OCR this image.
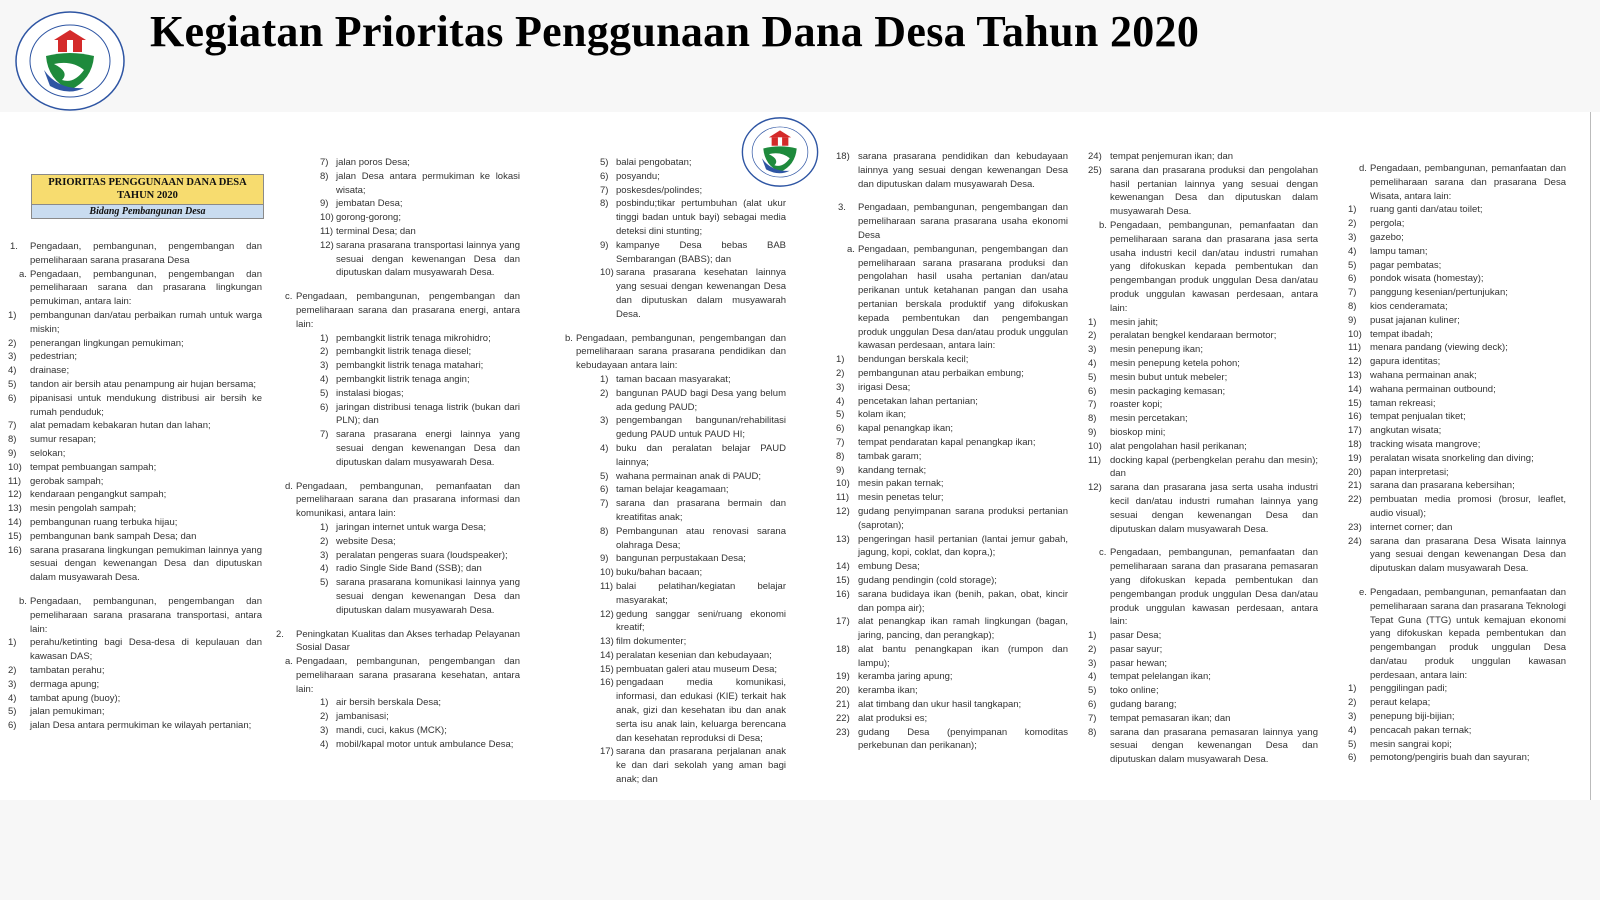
Kegiatan Prioritas Penggunaan Dana Desa Tahun 2020
PRIORITAS PENGGUNAAN DANA DESA TAHUN 2020
Bidang Pembangunan Desa

1. Pengadaan, pembangunan, pengembangan dan pemeliharaan sarana prasarana Desa

a. Pengadaan, pembangunan, pengembangan dan pemeliharaan sarana dan prasarana lingkungan pemukiman, antara lain:

1) pembangunan dan/atau perbaikan rumah untuk warga miskin;

2) penerangan lingkungan pemukiman;

3) pedestrian;

4) drainase;

5) tandon air bersih atau penampung air hujan bersama;

6) pipanisasi untuk mendukung distribusi air bersih ke rumah penduduk;

7) alat pemadam kebakaran hutan dan lahan;

8) sumur resapan;

9) selokan;

10) tempat pembuangan sampah;

11) gerobak sampah;

12) kendaraan pengangkut sampah;

13) mesin pengolah sampah;

14) pembangunan ruang terbuka hijau;

15) pembangunan bank sampah Desa; dan

16) sarana prasarana lingkungan pemukiman lainnya yang sesuai dengan kewenangan Desa dan diputuskan dalam musyawarah Desa.

b. Pengadaan, pembangunan, pengembangan dan pemeliharaan sarana prasarana transportasi, antara lain:

1) perahu/ketinting bagi Desa-desa di kepulauan dan kawasan DAS;

2) tambatan perahu;

3) dermaga apung;

4) tambat apung (buoy);

5) jalan pemukiman;

6) jalan Desa antara permukiman ke wilayah pertanian;

7) jalan poros Desa;

8) jalan Desa antara permukiman ke lokasi wisata;

9) jembatan Desa;

10) gorong-gorong;

11) terminal Desa; dan

12) sarana prasarana transportasi lainnya yang sesuai dengan kewenangan Desa dan diputuskan dalam musyawarah Desa.

c. Pengadaan, pembangunan, pengembangan dan pemeliharaan sarana dan prasarana energi, antara lain:

1) pembangkit listrik tenaga mikrohidro;

2) pembangkit listrik tenaga diesel;

3) pembangkit listrik tenaga matahari;

4) pembangkit listrik tenaga angin;

5) instalasi biogas;

6) jaringan distribusi tenaga listrik (bukan dari PLN); dan

7) sarana prasarana energi lainnya yang sesuai dengan kewenangan Desa dan diputuskan dalam musyawarah Desa.

d. Pengadaan, pembangunan, pemanfaatan dan pemeliharaan sarana dan prasarana informasi dan komunikasi, antara lain:

1) jaringan internet untuk warga Desa;

2) website Desa;

3) peralatan pengeras suara (loudspeaker);

4) radio Single Side Band (SSB); dan

5) sarana prasarana komunikasi lainnya yang sesuai dengan kewenangan Desa dan diputuskan dalam musyawarah Desa.

2. Peningkatan Kualitas dan Akses terhadap Pelayanan Sosial Dasar

a. Pengadaan, pembangunan, pengembangan dan pemeliharaan sarana prasarana kesehatan, antara lain:

1) air bersih berskala Desa;

2) jambanisasi;

3) mandi, cuci, kakus (MCK);

4) mobil/kapal motor untuk ambulance Desa;

5) balai pengobatan;

6) posyandu;

7) poskesdes/polindes;

8) posbindu;tikar pertumbuhan (alat ukur tinggi badan untuk bayi) sebagai media deteksi dini stunting;

9) kampanye Desa bebas BAB Sembarangan (BABS); dan

10) sarana prasarana kesehatan lainnya yang sesuai dengan kewenangan Desa dan diputuskan dalam musyawarah Desa.

b. Pengadaan, pembangunan, pengembangan dan pemeliharaan sarana prasarana pendidikan dan kebudayaan antara lain:

1) taman bacaan masyarakat;

2) bangunan PAUD bagi Desa yang belum ada gedung PAUD;

3) pengembangan bangunan/rehabilitasi gedung PAUD untuk PAUD HI;

4) buku dan peralatan belajar PAUD lainnya;

5) wahana permainan anak di PAUD;

6) taman belajar keagamaan;

7) sarana dan prasarana bermain dan kreatifitas anak;

8) Pembangunan atau renovasi sarana olahraga Desa;

9) bangunan perpustakaan Desa;

10) buku/bahan bacaan;

11) balai pelatihan/kegiatan belajar masyarakat;

12) gedung sanggar seni/ruang ekonomi kreatif;

13) film dokumenter;

14) peralatan kesenian dan kebudayaan;

15) pembuatan galeri atau museum Desa;

16) pengadaan media komunikasi, informasi, dan edukasi (KIE) terkait hak anak, gizi dan kesehatan ibu dan anak serta isu anak lain, keluarga berencana dan kesehatan reproduksi di Desa;

17) sarana dan prasarana perjalanan anak ke dan dari sekolah yang aman bagi anak; dan

18) sarana prasarana pendidikan dan kebudayaan lainnya yang sesuai dengan kewenangan Desa dan diputuskan dalam musyawarah Desa.

3. Pengadaan, pembangunan, pengembangan dan pemeliharaan sarana prasarana usaha ekonomi Desa

a. Pengadaan, pembangunan, pengembangan dan pemeliharaan sarana prasarana produksi dan pengolahan hasil usaha pertanian dan/atau perikanan untuk ketahanan pangan dan usaha pertanian berskala produktif yang difokuskan kepada pembentukan dan pengembangan produk unggulan Desa dan/atau produk unggulan kawasan perdesaan, antara lain:

1) bendungan berskala kecil;

2) pembangunan atau perbaikan embung;

3) irigasi Desa;

4) pencetakan lahan pertanian;

5) kolam ikan;

6) kapal penangkap ikan;

7) tempat pendaratan kapal penangkap ikan;

8) tambak garam;

9) kandang ternak;

10) mesin pakan ternak;

11) mesin penetas telur;

12) gudang penyimpanan sarana produksi pertanian (saprotan);

13) pengeringan hasil pertanian (lantai jemur gabah, jagung, kopi, coklat, dan kopra,);

14) embung Desa;

15) gudang pendingin (cold storage);

16) sarana budidaya ikan (benih, pakan, obat, kincir dan pompa air);

17) alat penangkap ikan ramah lingkungan (bagan, jaring, pancing, dan perangkap);

18) alat bantu penangkapan ikan (rumpon dan lampu);

19) keramba jaring apung;

20) keramba ikan;

21) alat timbang dan ukur hasil tangkapan;

22) alat produksi es;

23) gudang Desa (penyimpanan komoditas perkebunan dan perikanan);

24) tempat penjemuran ikan; dan

25) sarana dan prasarana produksi dan pengolahan hasil pertanian lainnya yang sesuai dengan kewenangan Desa dan diputuskan dalam musyawarah Desa.

b. Pengadaan, pembangunan, pemanfaatan dan pemeliharaan sarana dan prasarana jasa serta usaha industri kecil dan/atau industri rumahan yang difokuskan kepada pembentukan dan pengembangan produk unggulan Desa dan/atau produk unggulan kawasan perdesaan, antara lain:

1) mesin jahit;

2) peralatan bengkel kendaraan bermotor;

3) mesin penepung ikan;

4) mesin penepung ketela pohon;

5) mesin bubut untuk mebeler;

6) mesin packaging kemasan;

7) roaster kopi;

8) mesin percetakan;

9) bioskop mini;

10) alat pengolahan hasil perikanan;

11) docking kapal (perbengkelan perahu dan mesin); dan

12) sarana dan prasarana jasa serta usaha industri kecil dan/atau industri rumahan lainnya yang sesuai dengan kewenangan Desa dan diputuskan dalam musyawarah Desa.

c. Pengadaan, pembangunan, pemanfaatan dan pemeliharaan sarana dan prasarana pemasaran yang difokuskan kepada pembentukan dan pengembangan produk unggulan Desa dan/atau produk unggulan kawasan perdesaan, antara lain:

1) pasar Desa;

2) pasar sayur;

3) pasar hewan;

4) tempat pelelangan ikan;

5) toko online;

6) gudang barang;

7) tempat pemasaran ikan; dan

8) sarana dan prasarana pemasaran lainnya yang sesuai dengan kewenangan Desa dan diputuskan dalam musyawarah Desa.

d. Pengadaan, pembangunan, pemanfaatan dan pemeliharaan sarana dan prasarana Desa Wisata, antara lain:

1) ruang ganti dan/atau toilet;

2) pergola;

3) gazebo;

4) lampu taman;

5) pagar pembatas;

6) pondok wisata (homestay);

7) panggung kesenian/pertunjukan;

8) kios cenderamata;

9) pusat jajanan kuliner;

10) tempat ibadah;

11) menara pandang (viewing deck);

12) gapura identitas;

13) wahana permainan anak;

14) wahana permainan outbound;

15) taman rekreasi;

16) tempat penjualan tiket;

17) angkutan wisata;

18) tracking wisata mangrove;

19) peralatan wisata snorkeling dan diving;

20) papan interpretasi;

21) sarana dan prasarana kebersihan;

22) pembuatan media promosi (brosur, leaflet, audio visual);

23) internet corner; dan

24) sarana dan prasarana Desa Wisata lainnya yang sesuai dengan kewenangan Desa dan diputuskan dalam musyawarah Desa.

e. Pengadaan, pembangunan, pemanfaatan dan pemeliharaan sarana dan prasarana Teknologi Tepat Guna (TTG) untuk kemajuan ekonomi yang difokuskan kepada pembentukan dan pengembangan produk unggulan Desa dan/atau produk unggulan kawasan perdesaan, antara lain:

1) penggilingan padi;

2) peraut kelapa;

3) penepung biji-bijian;

4) pencacah pakan ternak;

5) mesin sangrai kopi;

6) pemotong/pengiris buah dan sayuran;
